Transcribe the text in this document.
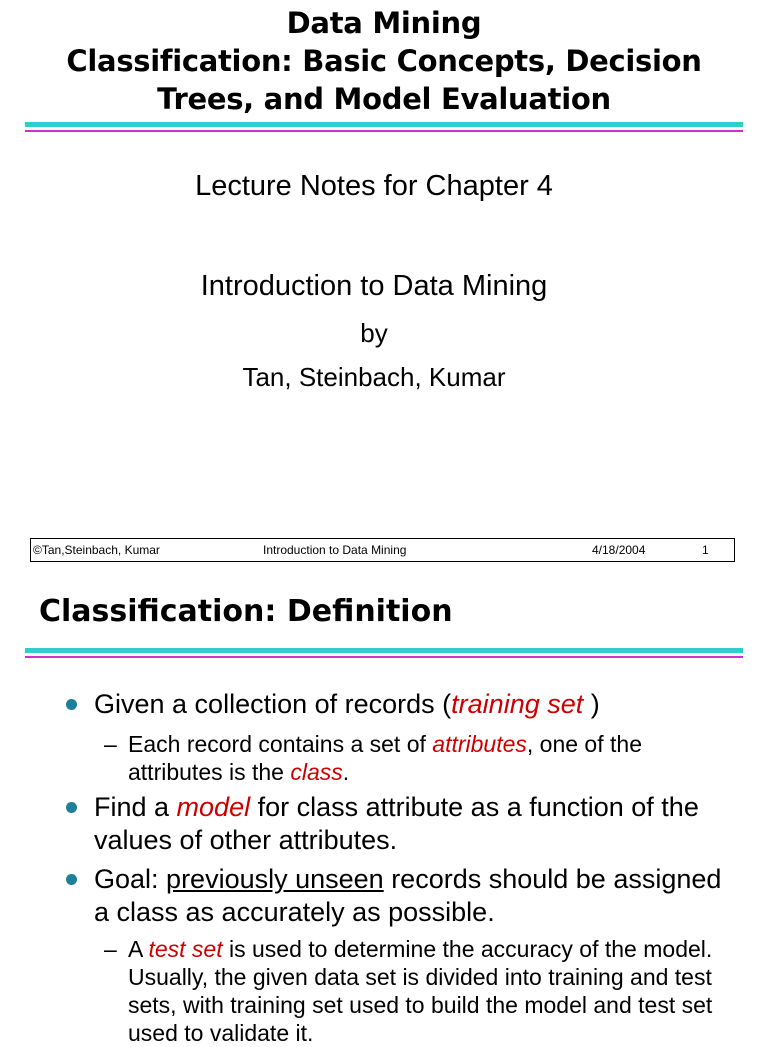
Data Mining
Classification: Basic Concepts, Decision
Trees, and Model Evaluation
Lecture Notes for Chapter 4
Introduction to Data Mining
by
Tan, Steinbach, Kumar
©Tan,Steinbach, Kumar	Introduction to Data Mining	4/18/2004	1
Classification: Definition
Given a collection of records (training set )
– Each record contains a set of attributes, one of the attributes is the class.
Find a model for class attribute as a function of the values of other attributes.
Goal: previously unseen records should be assigned a class as accurately as possible.
– A test set is used to determine the accuracy of the model. Usually, the given data set is divided into training and test sets, with training set used to build the model and test set used to validate it.
